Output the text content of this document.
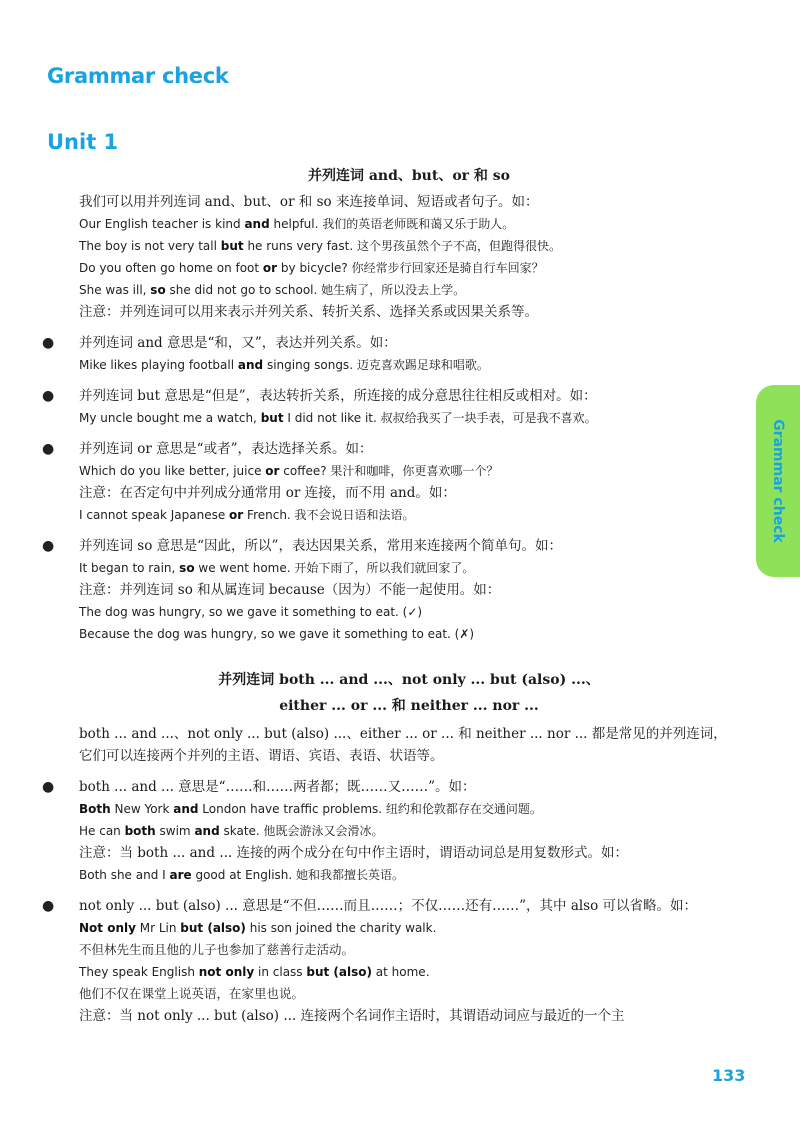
Grammar check
Unit 1
Grammar check
并列连词 and、but、or 和 so
我们可以用并列连词 and、but、or 和 so 来连接单词、短语或者句子。如：
Our English teacher is kind and helpful. 我们的英语老师既和蔼又乐于助人。
The boy is not very tall but he runs very fast. 这个男孩虽然个子不高，但跑得很快。
Do you often go home on foot or by bicycle? 你经常步行回家还是骑自行车回家？
She was ill, so she did not go to school. 她生病了，所以没去上学。
注意：并列连词可以用来表示并列关系、转折关系、选择关系或因果关系等。
● 并列连词 and 意思是“和，又”，表达并列关系。如：
Mike likes playing football and singing songs. 迈克喜欢踢足球和唱歌。
● 并列连词 but 意思是“但是”，表达转折关系，所连接的成分意思往往相反或相对。如：
My uncle bought me a watch, but I did not like it. 叔叔给我买了一块手表，可是我不喜欢。
● 并列连词 or 意思是“或者”，表达选择关系。如：
Which do you like better, juice or coffee? 果汁和咖啡，你更喜欢哪一个？
注意：在否定句中并列成分通常用 or 连接，而不用 and。如：
I cannot speak Japanese or French. 我不会说日语和法语。
● 并列连词 so 意思是“因此，所以”，表达因果关系，常用来连接两个简单句。如：
It began to rain, so we went home. 开始下雨了，所以我们就回家了。
注意：并列连词 so 和从属连词 because（因为）不能一起使用。如：
The dog was hungry, so we gave it something to eat. (✓)
Because the dog was hungry, so we gave it something to eat. (✗)
并列连词 both ... and ...、not only ... but (also) ...、
either ... or ... 和 neither ... nor ...
both ... and ...、not only ... but (also) ...、either ... or ... 和 neither ... nor ... 都是常见的并列连词，它们可以连接两个并列的主语、谓语、宾语、表语、状语等。
● both ... and ... 意思是“……和……两者都；既……又……”。如：
Both New York and London have traffic problems. 纽约和伦敦都存在交通问题。
He can both swim and skate. 他既会游泳又会滑冰。
注意：当 both ... and ... 连接的两个成分在句中作主语时，谓语动词总是用复数形式。如：
Both she and I are good at English. 她和我都擅长英语。
● not only ... but (also) ... 意思是“不但……而且……；不仅……还有……”，其中 also 可以省略。如：
Not only Mr Lin but (also) his son joined the charity walk.
不但林先生而且他的儿子也参加了慈善行走活动。
They speak English not only in class but (also) at home.
他们不仅在课堂上说英语，在家里也说。
注意：当 not only ... but (also) ... 连接两个名词作主语时，其谓语动词应与最近的一个主
133
